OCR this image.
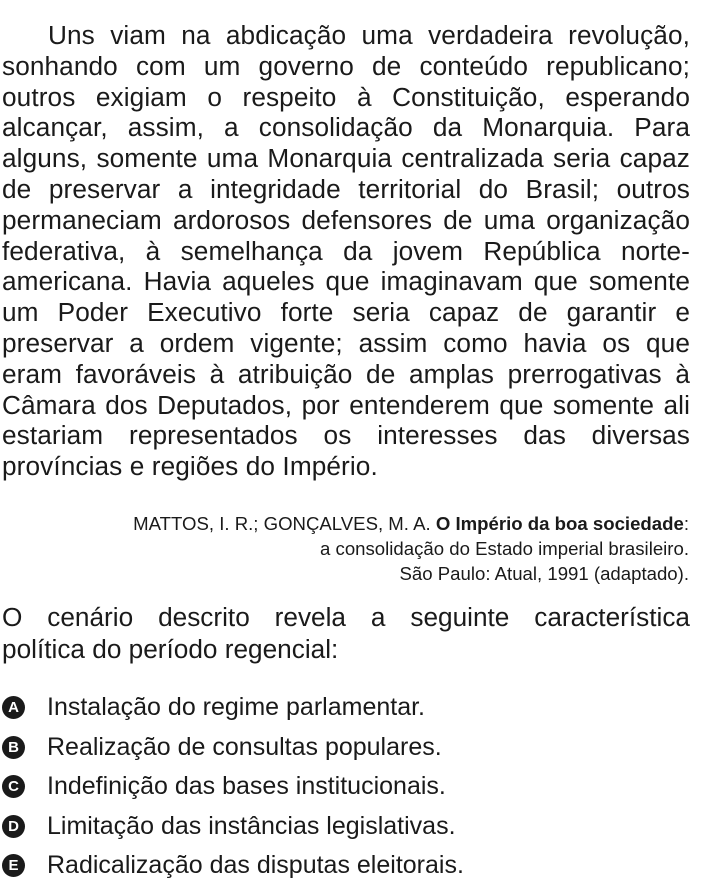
Uns viam na abdicação uma verdadeira revolução, sonhando com um governo de conteúdo republicano; outros exigiam o respeito à Constituição, esperando alcançar, assim, a consolidação da Monarquia. Para alguns, somente uma Monarquia centralizada seria capaz de preservar a integridade territorial do Brasil; outros permaneciam ardorosos defensores de uma organização federativa, à semelhança da jovem República norte-americana. Havia aqueles que imaginavam que somente um Poder Executivo forte seria capaz de garantir e preservar a ordem vigente; assim como havia os que eram favoráveis à atribuição de amplas prerrogativas à Câmara dos Deputados, por entenderem que somente ali estariam representados os interesses das diversas províncias e regiões do Império.

MATTOS, I. R.; GONÇALVES, M. A. O Império da boa sociedade:
a consolidação do Estado imperial brasileiro.
São Paulo: Atual, 1991 (adaptado).
O cenário descrito revela a seguinte característica
política do período regencial:
A Instalação do regime parlamentar.
B Realização de consultas populares.
C Indefinição das bases institucionais.
D Limitação das instâncias legislativas.
E Radicalização das disputas eleitorais.
